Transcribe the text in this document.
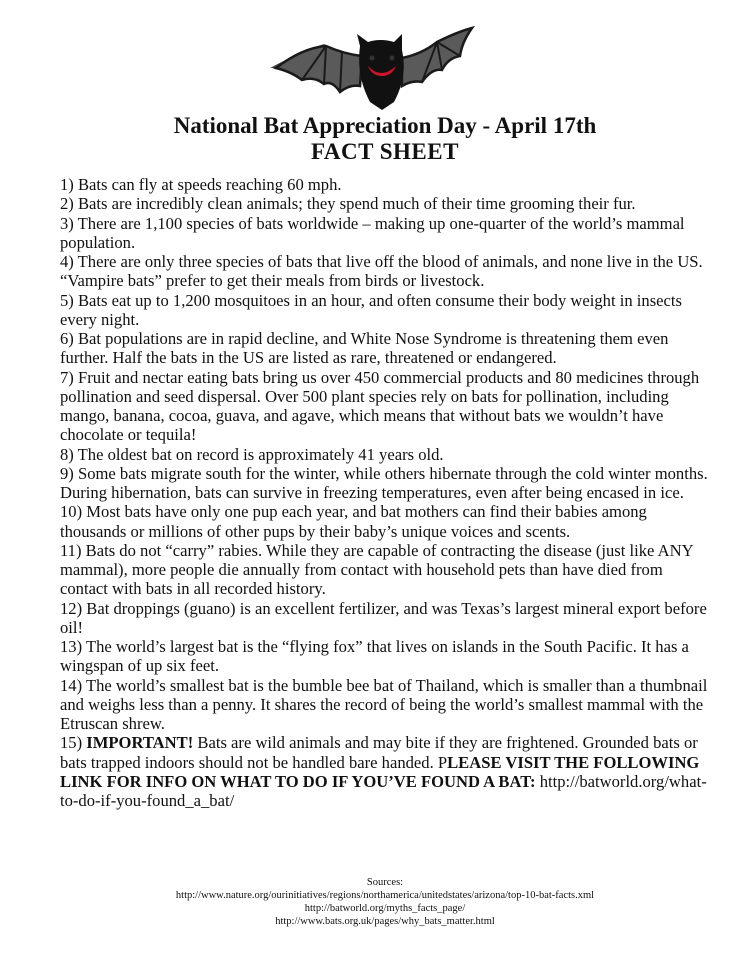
National Bat Appreciation Day - April 17th
FACT SHEET

1) Bats can fly at speeds reaching 60 mph.

2) Bats are incredibly clean animals; they spend much of their time grooming their fur.

3) There are 1,100 species of bats worldwide – making up one-quarter of the world’s mammal population.

4) There are only three species of bats that live off the blood of animals, and none live in the US. “Vampire bats” prefer to get their meals from birds or livestock.

5) Bats eat up to 1,200 mosquitoes in an hour, and often consume their body weight in insects every night.

6) Bat populations are in rapid decline, and White Nose Syndrome is threatening them even further. Half the bats in the US are listed as rare, threatened or endangered.

7) Fruit and nectar eating bats bring us over 450 commercial products and 80 medicines through pollination and seed dispersal. Over 500 plant species rely on bats for pollination, including mango, banana, cocoa, guava, and agave, which means that without bats we wouldn’t have chocolate or tequila!

8) The oldest bat on record is approximately 41 years old.

9) Some bats migrate south for the winter, while others hibernate through the cold winter months. During hibernation, bats can survive in freezing temperatures, even after being encased in ice.

10) Most bats have only one pup each year, and bat mothers can find their babies among thousands or millions of other pups by their baby’s unique voices and scents.

11) Bats do not “carry” rabies. While they are capable of contracting the disease (just like ANY mammal), more people die annually from contact with household pets than have died from contact with bats in all recorded history.

12) Bat droppings (guano) is an excellent fertilizer, and was Texas’s largest mineral export before oil!

13) The world’s largest bat is the “flying fox” that lives on islands in the South Pacific. It has a wingspan of up six feet.

14) The world’s smallest bat is the bumble bee bat of Thailand, which is smaller than a thumbnail and weighs less than a penny. It shares the record of being the world’s smallest mammal with the Etruscan shrew.

15) IMPORTANT! Bats are wild animals and may bite if they are frightened. Grounded bats or bats trapped indoors should not be handled bare handed. PLEASE VISIT THE FOLLOWING LINK FOR INFO ON WHAT TO DO IF YOU’VE FOUND A BAT: http://batworld.org/what-to-do-if-you-found_a_bat/

Sources:
http://www.nature.org/ourinitiatives/regions/northamerica/unitedstates/arizona/top-10-bat-facts.xml
http://batworld.org/myths_facts_page/
http://www.bats.org.uk/pages/why_bats_matter.html
